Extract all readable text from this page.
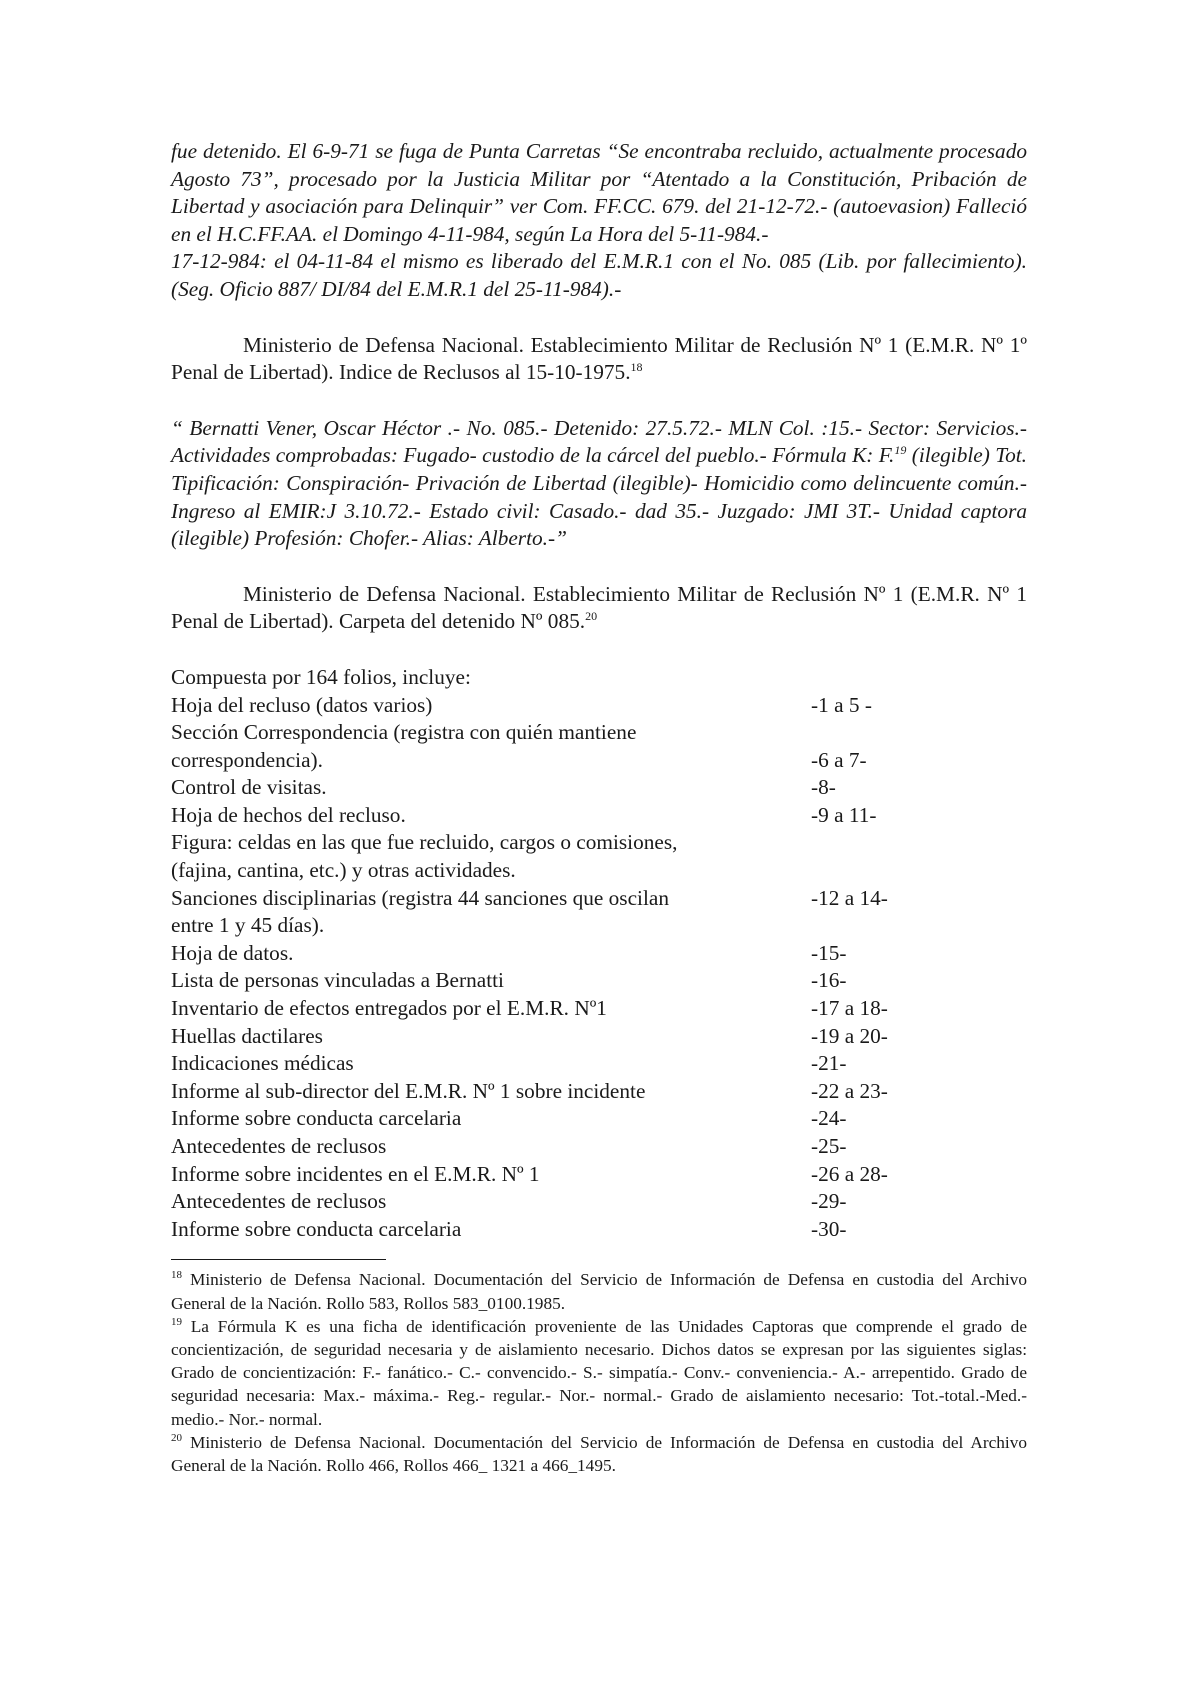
fue detenido. El 6-9-71 se fuga de Punta Carretas “Se encontraba recluido, actualmente procesado Agosto 73”, procesado por la Justicia Militar por “Atentado a la Constitución, Pribación de Libertad y asociación para Delinquir” ver Com. FF.CC. 679. del 21-12-72.- (autoevasion) Falleció en el H.C.FF.AA. el Domingo 4-11-984, según La Hora del 5-11-984.-
17-12-984: el 04-11-84 el mismo es liberado del E.M.R.1 con el No. 085 (Lib. por fallecimiento). (Seg. Oficio 887/ DI/84 del E.M.R.1 del 25-11-984).-

Ministerio de Defensa Nacional. Establecimiento Militar de Reclusión Nº 1 (E.M.R. Nº 1º Penal de Libertad). Indice de Reclusos al 15-10-1975.18

“ Bernatti Vener, Oscar Héctor .- No. 085.- Detenido: 27.5.72.- MLN Col. :15.- Sector: Servicios.- Actividades comprobadas: Fugado- custodio de la cárcel del pueblo.- Fórmula K: F.$^{19}$ (ilegible) Tot. Tipificación: Conspiración- Privación de Libertad (ilegible)- Homicidio como delincuente común.- Ingreso al EMIR:J 3.10.72.- Estado civil: Casado.- dad 35.- Juzgado: JMI 3T.- Unidad captora (ilegible) Profesión: Chofer.- Alias: Alberto.-”

Ministerio de Defensa Nacional. Establecimiento Militar de Reclusión Nº 1 (E.M.R. Nº 1 Penal de Libertad). Carpeta del detenido Nº 085.20

Compuesta por 164 folios, incluye:
Hoja del recluso (datos varios)	-1 a 5 -
Sección Correspondencia (registra con quién mantiene
correspondencia).	-6 a 7-
Control de visitas.	-8-
Hoja de hechos del recluso.	-9 a 11-
Figura: celdas en las que fue recluido, cargos o comisiones,
(fajina, cantina, etc.) y otras actividades.
Sanciones disciplinarias (registra 44 sanciones que oscilan	-12 a 14-
entre 1 y 45 días).
Hoja de datos.	-15-
Lista de personas vinculadas a Bernatti	-16-
Inventario de efectos entregados por el E.M.R. Nº1	-17 a 18-
Huellas dactilares	-19 a 20-
Indicaciones médicas	-21-
Informe al sub-director del E.M.R. Nº 1 sobre incidente	-22 a 23-
Informe sobre conducta carcelaria	-24-
Antecedentes de reclusos	-25-
Informe sobre incidentes en el E.M.R. Nº 1	-26 a 28-
Antecedentes de reclusos	-29-
Informe sobre conducta carcelaria	-30-

$^{18}$ Ministerio de Defensa Nacional. Documentación del Servicio de Información de Defensa en custodia del Archivo General de la Nación. Rollo 583, Rollos 583_0100.1985.

$^{19}$ La Fórmula K es una ficha de identificación proveniente de las Unidades Captoras que comprende el grado de concientización, de seguridad necesaria y de aislamiento necesario. Dichos datos se expresan por las siguientes siglas: Grado de concientización: F.- fanático.- C.- convencido.- S.- simpatía.- Conv.- conveniencia.- A.- arrepentido. Grado de seguridad necesaria: Max.- máxima.- Reg.- regular.- Nor.- normal.- Grado de aislamiento necesario: Tot.-total.-Med.-medio.- Nor.- normal.

$^{20}$ Ministerio de Defensa Nacional. Documentación del Servicio de Información de Defensa en custodia del Archivo General de la Nación. Rollo 466, Rollos 466_ 1321 a 466_1495.
